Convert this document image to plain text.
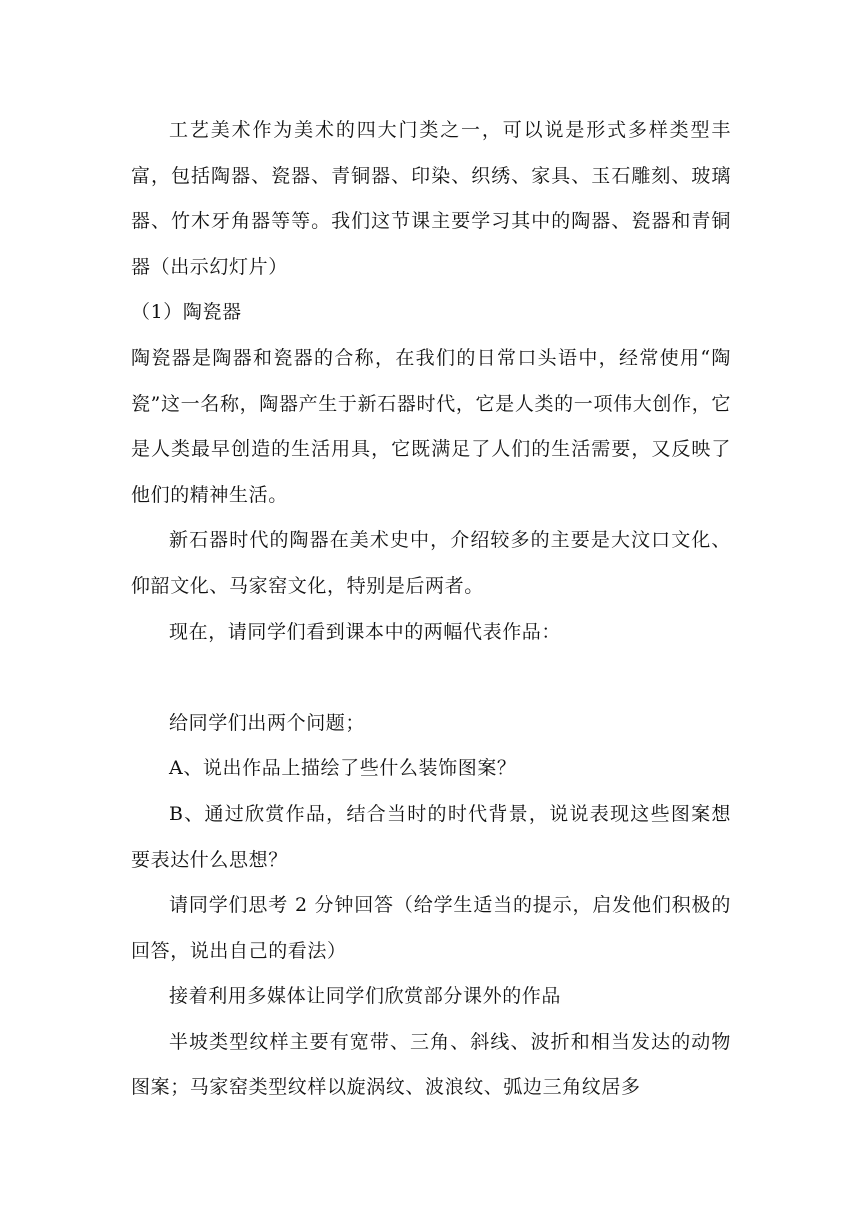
工艺美术作为美术的四大门类之一，可以说是形式多样类型丰富，包括陶器、瓷器、青铜器、印染、织绣、家具、玉石雕刻、玻璃器、竹木牙角器等等。我们这节课主要学习其中的陶器、瓷器和青铜器（出示幻灯片）

（1）陶瓷器

陶瓷器是陶器和瓷器的合称，在我们的日常口头语中，经常使用“陶瓷”这一名称，陶器产生于新石器时代，它是人类的一项伟大创作，它是人类最早创造的生活用具，它既满足了人们的生活需要，又反映了他们的精神生活。

新石器时代的陶器在美术史中，介绍较多的主要是大汶口文化、仰韶文化、马家窑文化，特别是后两者。

现在，请同学们看到课本中的两幅代表作品：

给同学们出两个问题；

A、说出作品上描绘了些什么装饰图案？

B、通过欣赏作品，结合当时的时代背景，说说表现这些图案想要表达什么思想？

请同学们思考 2 分钟回答（给学生适当的提示，启发他们积极的回答，说出自己的看法）

接着利用多媒体让同学们欣赏部分课外的作品

半坡类型纹样主要有宽带、三角、斜线、波折和相当发达的动物图案；马家窑类型纹样以旋涡纹、波浪纹、弧边三角纹居多
